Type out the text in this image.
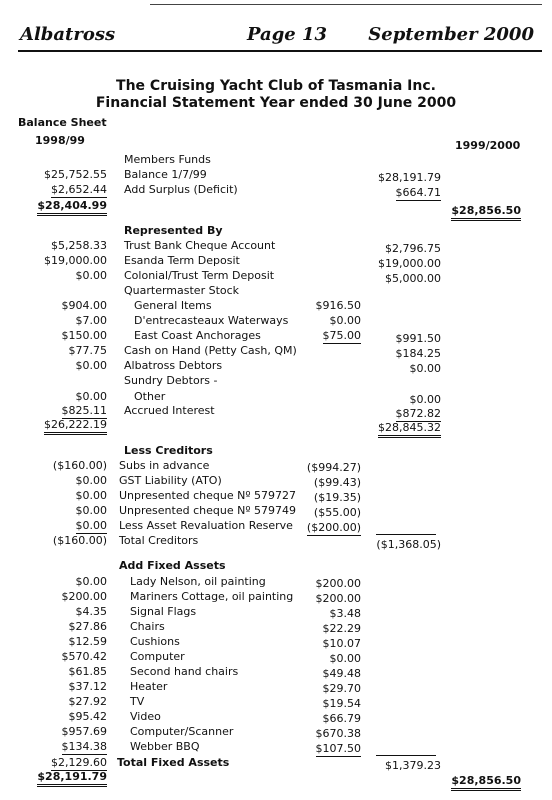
Albatross	Page 13 September 2000
The Cruising Yacht Club of Tasmania Inc.
Financial Statement Year ended 30 June 2000
Balance Sheet
1998/99	1999/2000
Members Funds
$25,752.55 Balance 1/7/99	$28,191.79
$2,652.44 Add Surplus (Deficit)	$664.71
$28,404.99	$28,856.50
Represented By
$5,258.33 Trust Bank Cheque Account	$2,796.75
$19,000.00 Esanda Term Deposit	$19,000.00
$0.00 Colonial/Trust Term Deposit	$5,000.00
Quartermaster Stock
$904.00 General Items	$916.50
$7.00 D'entrecasteaux Waterways	$0.00
$150.00 East Coast Anchorages	$75.00	$991.50
$77.75 Cash on Hand (Petty Cash, QM)	$184.25
$0.00 Albatross Debtors	$0.00
Sundry Debtors -
$0.00 Other	$0.00
$825.11 Accrued Interest	$872.82
$26,222.19	$28,845.32
Less Creditors
($160.00) Subs in advance	($994.27)
$0.00 GST Liability (ATO)	($99.43)
$0.00 Unpresented cheque Nº 579727 ($19.35)
$0.00 Unpresented cheque Nº 579749 ($55.00)
$0.00 Less Asset Revaluation Reserve ($200.00)
($160.00) Total Creditors	($1,368.05)
Add Fixed Assets
$0.00 Lady Nelson, oil painting	$200.00
$200.00 Mariners Cottage, oil painting $200.00
$4.35 Signal Flags	$3.48
$27.86 Chairs	$22.29
$12.59 Cushions	$10.07
$570.42 Computer	$0.00
$61.85 Second hand chairs	$49.48
$37.12 Heater	$29.70
$27.92 TV	$19.54
$95.42 Video	$66.79
$957.69 Computer/Scanner	$670.38
$134.38 Webber BBQ	$107.50
$2,129.60 Total Fixed Assets	$1,379.23
$28,191.79	$28,856.50
